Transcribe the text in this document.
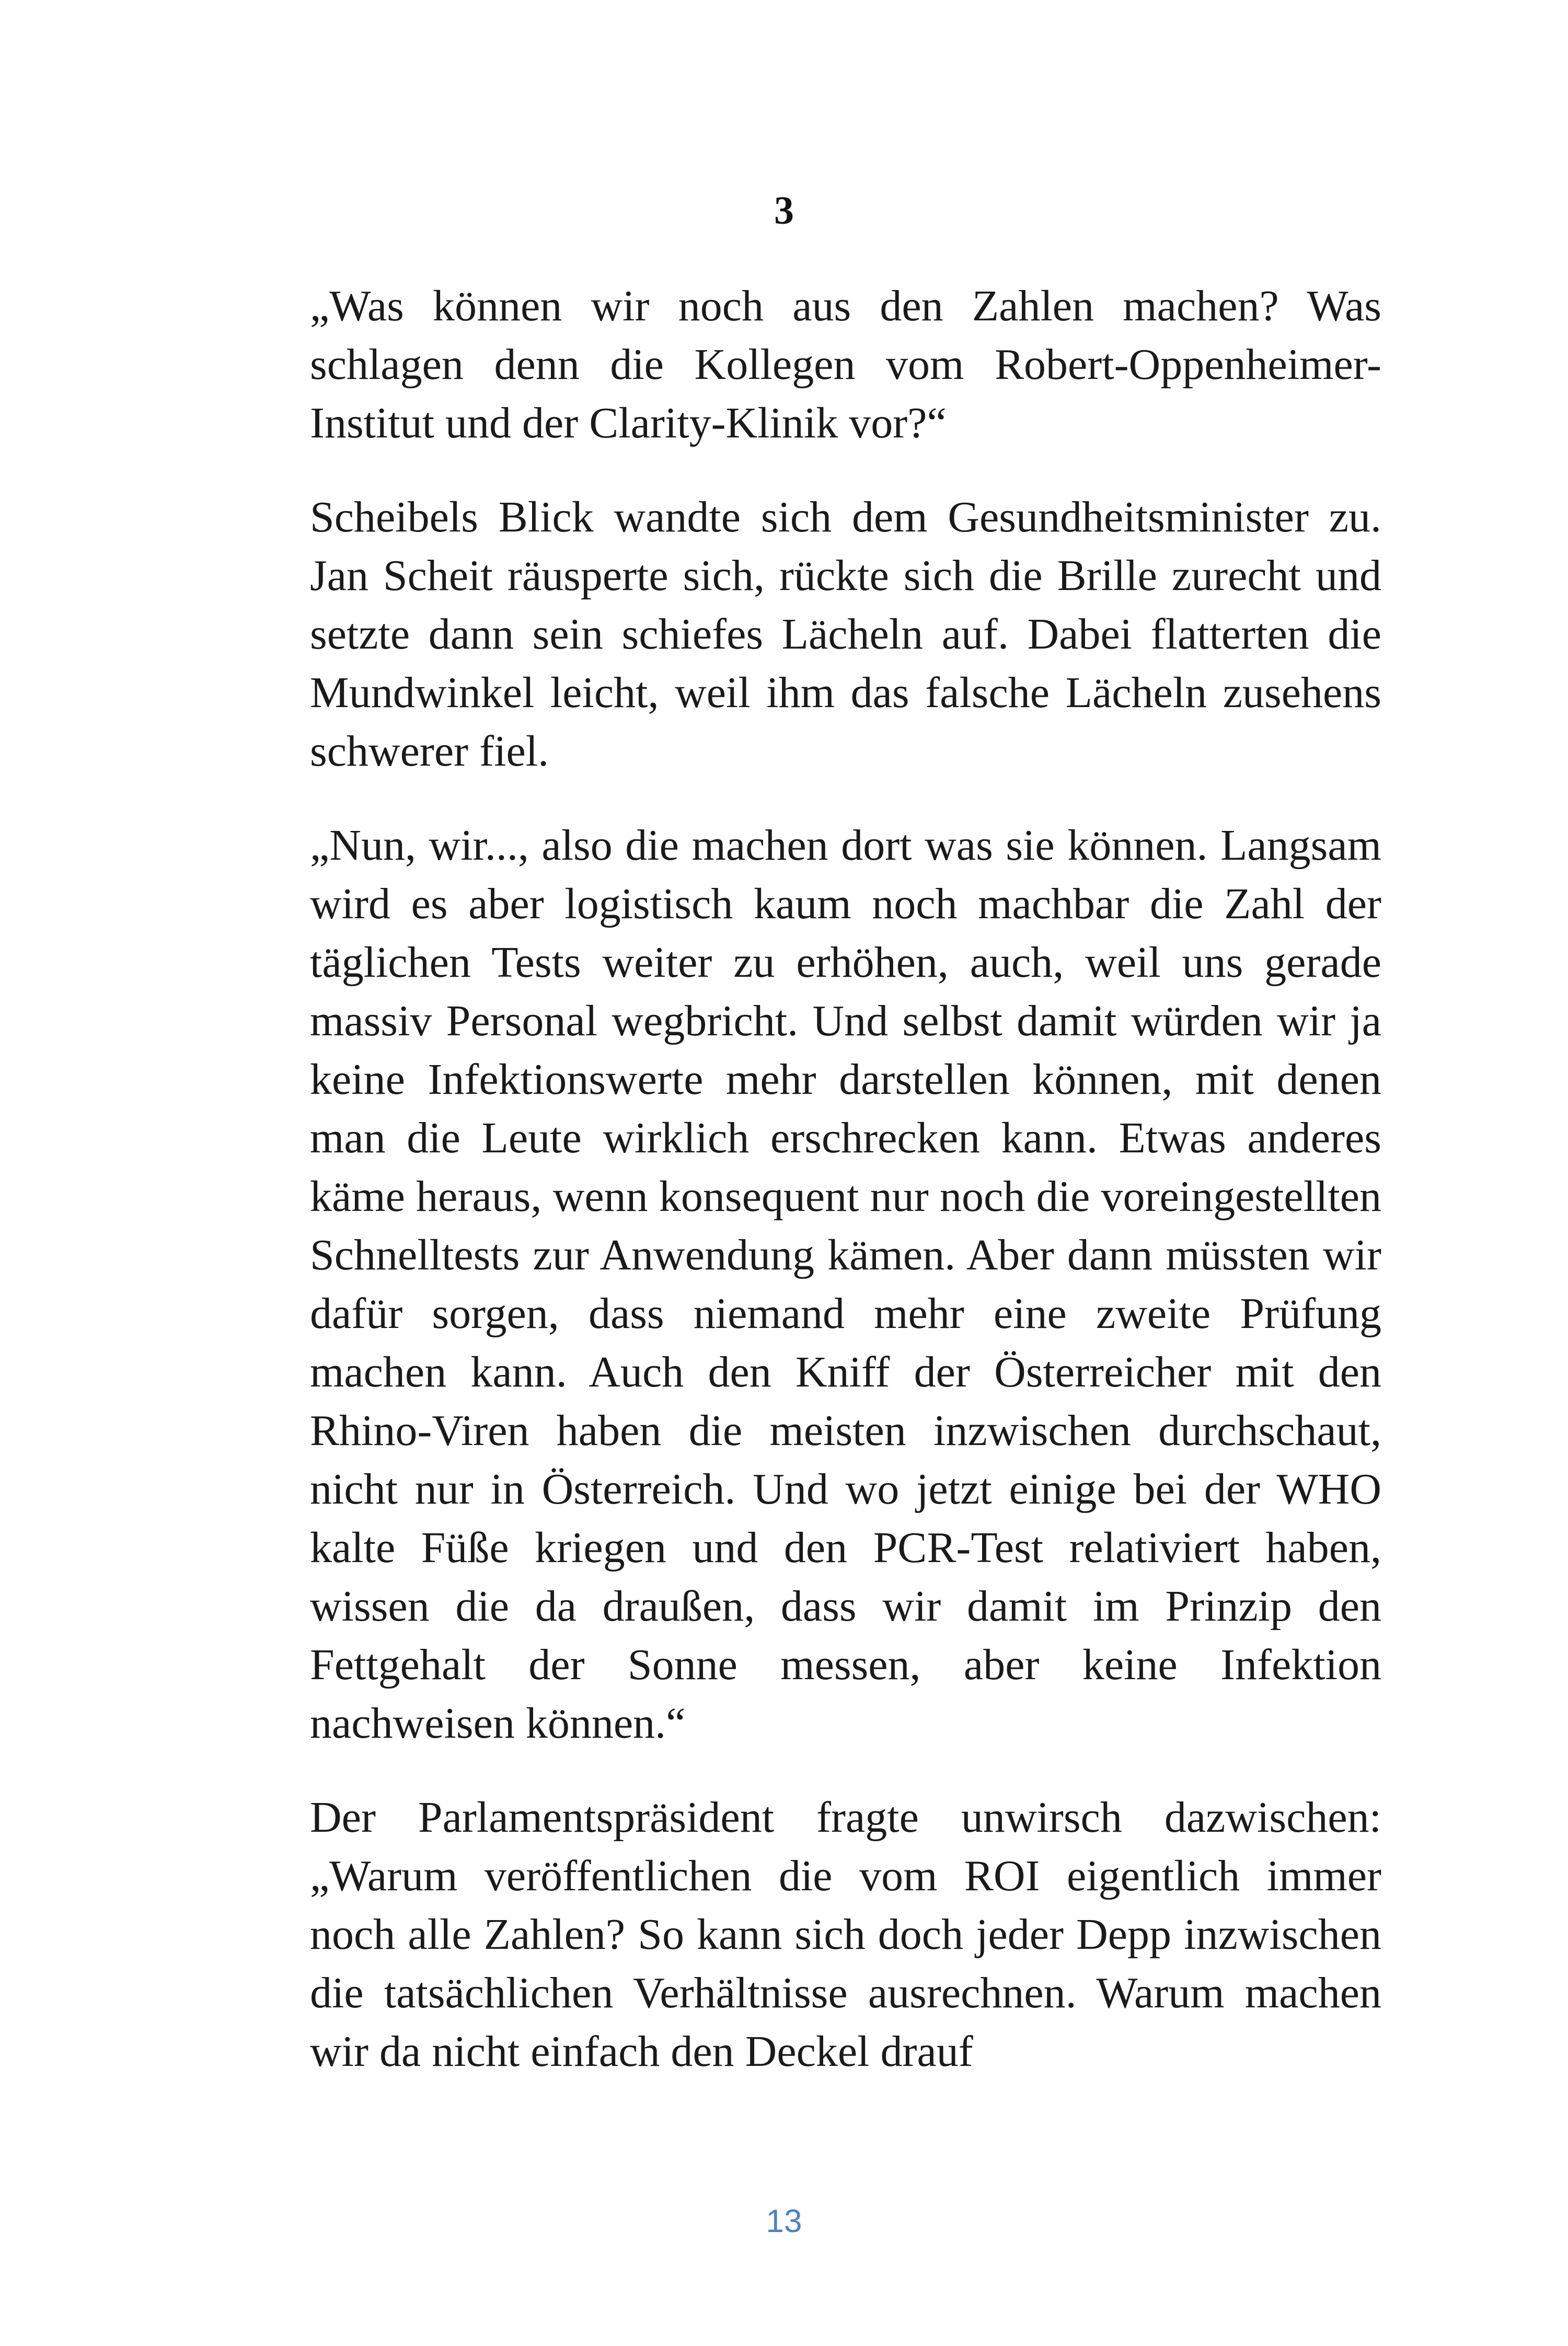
3

„Was können wir noch aus den Zahlen machen? Was schlagen denn die Kollegen vom Robert-Oppenheimer-Institut und der Clarity-Klinik vor?“

Scheibels Blick wandte sich dem Gesundheitsminister zu. Jan Scheit räusperte sich, rückte sich die Brille zurecht und setzte dann sein schiefes Lächeln auf. Dabei flatterten die Mundwinkel leicht, weil ihm das falsche Lächeln zusehens schwerer fiel.

„Nun, wir..., also die machen dort was sie können. Langsam wird es aber logistisch kaum noch machbar die Zahl der täglichen Tests weiter zu erhöhen, auch, weil uns gerade massiv Personal wegbricht. Und selbst damit würden wir ja keine Infektionswerte mehr darstellen können, mit denen man die Leute wirklich erschrecken kann. Etwas anderes käme heraus, wenn konsequent nur noch die voreingestellten Schnelltests zur Anwendung kämen. Aber dann müssten wir dafür sorgen, dass niemand mehr eine zweite Prüfung machen kann. Auch den Kniff der Österreicher mit den Rhino-Viren haben die meisten inzwischen durchschaut, nicht nur in Österreich. Und wo jetzt einige bei der WHO kalte Füße kriegen und den PCR-Test relativiert haben, wissen die da draußen, dass wir damit im Prinzip den Fettgehalt der Sonne messen, aber keine Infektion nachweisen können.“

Der Parlamentspräsident fragte unwirsch dazwischen: „Warum veröffentlichen die vom ROI eigentlich immer noch alle Zahlen? So kann sich doch jeder Depp inzwischen die tatsächlichen Verhältnisse ausrechnen. Warum machen wir da nicht einfach den Deckel drauf

13
